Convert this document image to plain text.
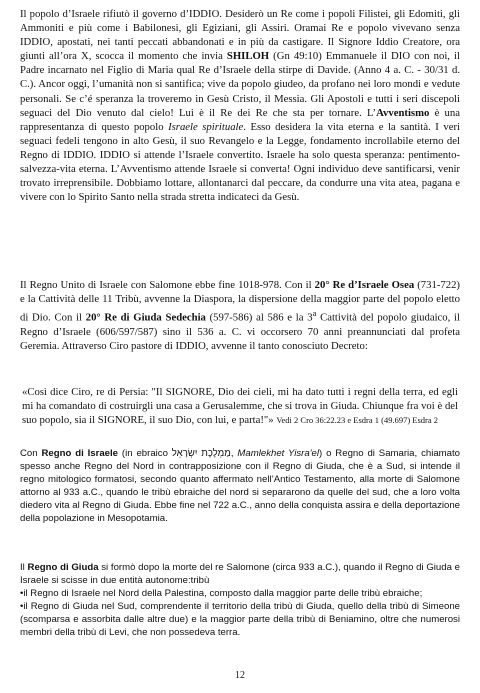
Il popolo d’Israele rifiutò il governo d’IDDIO. Desiderò un Re come i popoli Filistei, gli Edomiti, gli Ammoniti e più come i Babilonesi, gli Egiziani, gli Assiri. Oramai Re e popolo vivevano senza IDDIO, apostati, nei tanti peccati abbandonati e in più da castigare. Il Signore Iddio Creatore, ora giunti all’ora X, scocca il momento che invia SHILOH (Gn 49:10) Emmanuele il DIO con noi, il Padre incarnato nel Figlio di Maria qual Re d’Israele della stirpe di Davide. (Anno 4 a. C. - 30/31 d. C.). Ancor oggi, l’umanità non si santifica; vive da popolo giudeo, da profano nei loro mondi e vedute personali. Se c’é speranza la troveremo in Gesù Cristo, il Messia. Gli Apostoli e tutti i seri discepoli seguaci del Dio venuto dal cielo! Lui è il Re dei Re che sta per tornare. L’Avventismo è una rappresentanza di questo popolo Israele spirituale. Esso desidera la vita eterna e la santità. I veri seguaci fedeli tengono in alto Gesù, il suo Revangelo e la Legge, fondamento incrollabile eterno del Regno di IDDIO. IDDIO si attende l’Israele convertito. Israele ha solo questa speranza: pentimento-salvezza-vita eterna. L’Avventismo attende Israele si converta! Ogni individuo deve santificarsi, venir trovato irreprensibile. Dobbiamo lottare, allontanarci dal peccare, da condurre una vita atea, pagana e vivere con lo Spirito Santo nella strada stretta indicateci da Gesù.

Il Regno Unito di Israele con Salomone ebbe fine 1018-978. Con il 20° Re d’Israele Osea (731-722) e la Cattività delle 11 Tribù, avvenne la Diaspora, la dispersione della maggior parte del popolo eletto di Dio. Con il 20° Re di Giuda Sedechia (597-586) al 586 e la 3$^a$ Cattività del popolo giudaico, il Regno d’Israele (606/597/587) sino il 536 a. C. vi occorsero 70 anni preannunciati dal profeta Geremia. Attraverso Ciro pastore di IDDIO, avvenne il tanto conosciuto Decreto:

«Così dice Ciro, re di Persia: "Il SIGNORE, Dio dei cieli, mi ha dato tutti i regni della terra, ed egli mi ha comandato di costruirgli una casa a Gerusalemme, che si trova in Giuda. Chiunque fra voi è del suo popolo, sia il SIGNORE, il suo Dio, con lui, e parta!"» Vedi 2 Cro 36:22.23 e Esdra 1 (49.697) Esdra 2

Con Regno di Israele (in ebraico מַמְלֶכֶת יִשְׂרָאֵל, Mamlekhet Yisra'el) o Regno di Samaria, chiamato spesso anche Regno del Nord in contrapposizione con il Regno di Giuda, che è a Sud, si intende il regno mitologico formatosi, secondo quanto affermato nell’Antico Testamento, alla morte di Salomone attorno al 933 a.C., quando le tribù ebraiche del nord si separarono da quelle del sud, che a loro volta diedero vita al Regno di Giuda. Ebbe fine nel 722 a.C., anno della conquista assira e della deportazione della popolazione in Mesopotamia.

Il Regno di Giuda si formò dopo la morte del re Salomone (circa 933 a.C.), quando il Regno di Giuda e Israele si scisse in due entità autonome:tribù

•il Regno di Israele nel Nord della Palestina, composto dalla maggior parte delle tribù ebraiche;

•il Regno di Giuda nel Sud, comprendente il territorio della tribù di Giuda, quello della tribù di Simeone (scomparsa e assorbita dalle altre due) e la maggior parte della tribù di Beniamino, oltre che numerosi membri della tribù di Levi, che non possedeva terra.

12
